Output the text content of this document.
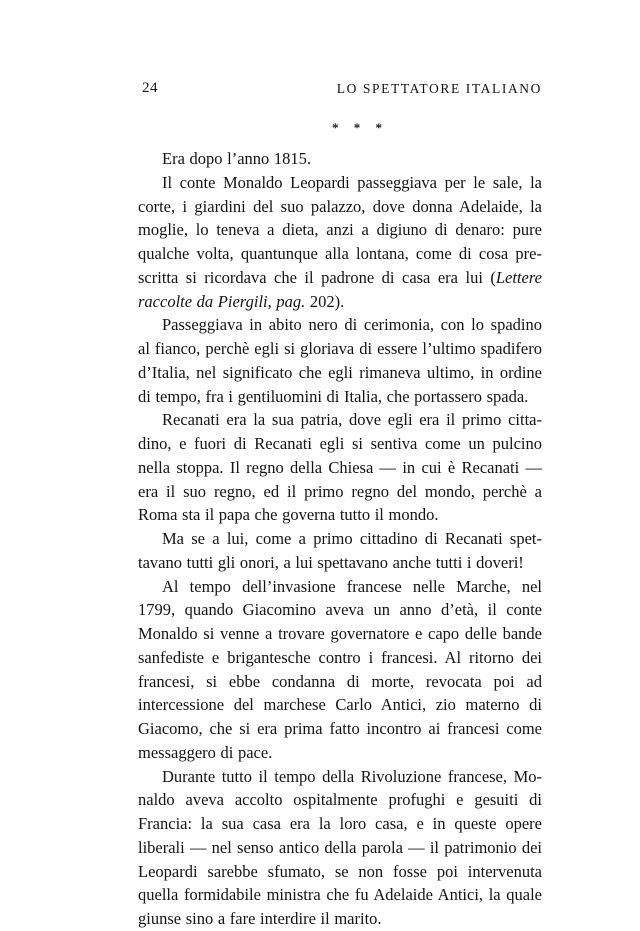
24	LO SPETTATORE ITALIANO
* * *

Era dopo l’anno 1815.

Il conte Monaldo Leopardi passeggiava per le sale, la corte, i giardini del suo palazzo, dove donna Adelaide, la moglie, lo teneva a dieta, anzi a digiuno di denaro: pure qualche volta, quantunque alla lontana, come di cosa prescritta si ricordava che il padrone di casa era lui (Lettere raccolte da Piergili, pag. 202).

Passeggiava in abito nero di cerimonia, con lo spadino al fianco, perchè egli si gloriava di essere l’ultimo spadifero d’Italia, nel significato che egli rimaneva ultimo, in ordine di tempo, fra i gentiluomini di Italia, che portassero spada.

Recanati era la sua patria, dove egli era il primo cittadino, e fuori di Recanati egli si sentiva come un pulcino nella stoppa. Il regno della Chiesa — in cui è Recanati — era il suo regno, ed il primo regno del mondo, perchè a Roma sta il papa che governa tutto il mondo.

Ma se a lui, come a primo cittadino di Recanati spettavano tutti gli onori, a lui spettavano anche tutti i doveri!

Al tempo dell’invasione francese nelle Marche, nel 1799, quando Giacomino aveva un anno d’età, il conte Monaldo si venne a trovare governatore e capo delle bande sanfediste e brigantesche contro i francesi. Al ritorno dei francesi, si ebbe condanna di morte, revocata poi ad intercessione del marchese Carlo Antici, zio materno di Giacomo, che si era prima fatto incontro ai francesi come messaggero di pace.

Durante tutto il tempo della Rivoluzione francese, Monaldo aveva accolto ospitalmente profughi e gesuiti di Francia: la sua casa era la loro casa, e in queste opere liberali — nel senso antico della parola — il patrimonio dei Leopardi sarebbe sfumato, se non fosse poi intervenuta quella formidabile ministra che fu Adelaide Antici, la quale giunse sino a fare interdire il marito.
